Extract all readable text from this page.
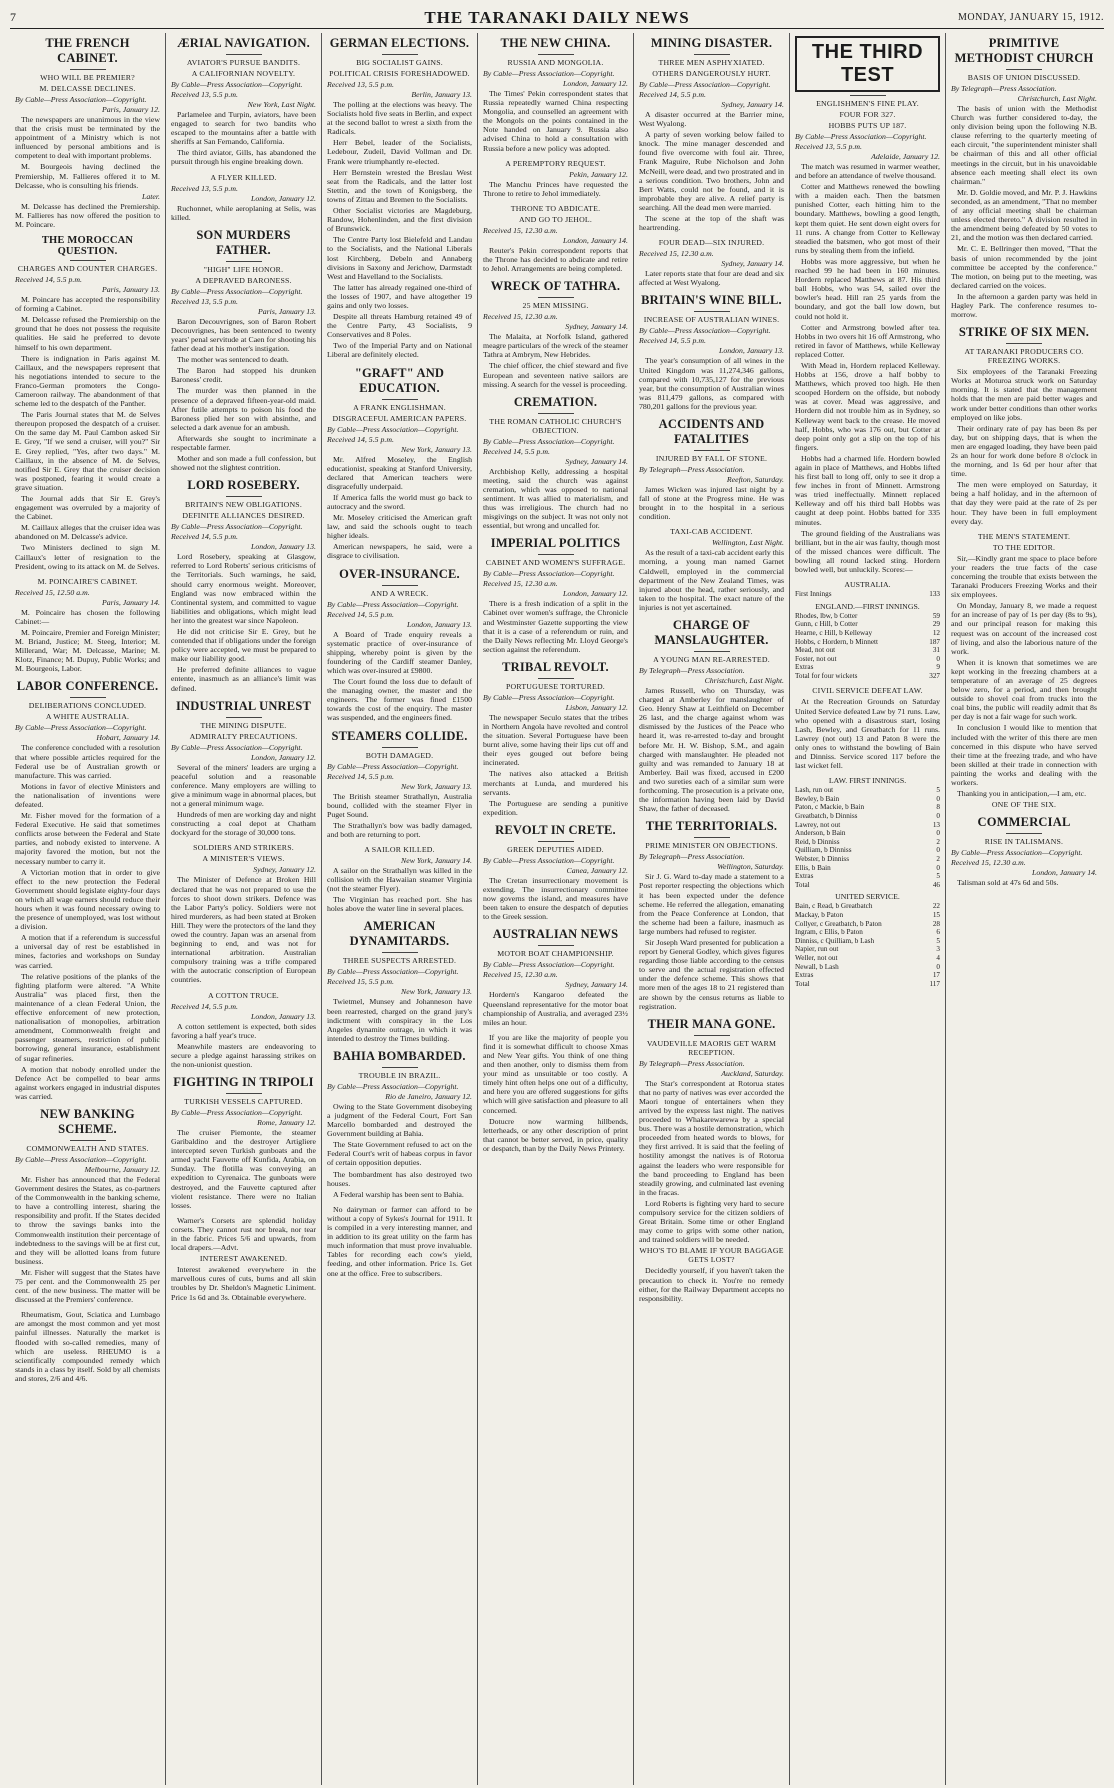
7	THE TARANAKI DAILY NEWS	MONDAY, JANUARY 15, 1912.
THE FRENCH CABINET.
WHO WILL BE PREMIER?
M. DELCASSE DECLINES.
By Cable—Press Association—Copyright.
Paris, January 12.

The newspapers are unanimous in the view that the crisis must be terminated by the appointment of a Ministry which is not influenced by personal ambitions and is competent to deal with important problems.

M. Bourgeois having declined the Premiership, M. Fallieres offered it to M. Delcasse, who is consulting his friends.

Later.

M. Delcasse has declined the Premiership. M. Fallieres has now offered the position to M. Poincare.

THE MOROCCAN QUESTION.
CHARGES AND COUNTER CHARGES.
Received 14, 5.5 p.m.
Paris, January 13.

M. Poincare has accepted the responsibility of forming a Cabinet.

M. Delcasse refused the Premiership on the ground that he does not possess the requisite qualities. He said he preferred to devote himself to his own department.

There is indignation in Paris against M. Caillaux, and the newspapers represent that his negotiations intended to secure to the Franco-German promoters the Congo-Cameroon railway. The abandonment of that scheme led to the despatch of the Panther.

The Paris Journal states that M. de Selves thereupon proposed the despatch of a cruiser. On the same day M. Paul Cambon asked Sir E. Grey, "If we send a cruiser, will you?" Sir E. Grey replied, "Yes, after two days." M. Caillaux, in the absence of M. de Selves, notified Sir E. Grey that the cruiser decision was postponed, fearing it would create a grave situation.

The Journal adds that Sir E. Grey's engagement was overruled by a majority of the Cabinet.

M. Caillaux alleges that the cruiser idea was abandoned on M. Delcasse's advice.

Two Ministers declined to sign M. Caillaux's letter of resignation to the President, owing to its attack on M. de Selves.

M. POINCAIRE'S CABINET.
Received 15, 12.50 a.m.
Paris, January 14.

M. Poincaire has chosen the following Cabinet:—

M. Poincaire, Premier and Foreign Minister; M. Briand, Justice; M. Steeg, Interior; M. Millerand, War; M. Delcasse, Marine; M. Klotz, Finance; M. Dupuy, Public Works; and M. Bourgeois, Labor.

LABOR CONFERENCE.
DELIBERATIONS CONCLUDED.
A WHITE AUSTRALIA.
By Cable—Press Association—Copyright.
Hobart, January 14.

The conference concluded with a resolution that where possible articles required for the Federal use be of Australian growth or manufacture. This was carried.

Motions in favor of elective Ministers and the nationalisation of inventions were defeated.

Mr. Fisher moved for the formation of a Federal Executive. He said that sometimes conflicts arose between the Federal and State parties, and nobody existed to intervene. A majority favored the motion, but not the necessary number to carry it.

A Victorian motion that in order to give effect to the new protection the Federal Government should legislate eighty-four days on which all wage earners should reduce their hours when it was found necessary owing to the presence of unemployed, was lost without a division.

A motion that if a referendum is successful a universal day of rest be established in mines, factories and workshops on Sunday was carried.

The relative positions of the planks of the fighting platform were altered. "A White Australia" was placed first, then the maintenance of a clean Federal Union, the effective enforcement of new protection, nationalisation of monopolies, arbitration amendment, Commonwealth freight and passenger steamers, restriction of public borrowing, general insurance, establishment of sugar refineries.

A motion that nobody enrolled under the Defence Act be compelled to bear arms against workers engaged in industrial disputes was carried.

NEW BANKING SCHEME.
COMMONWEALTH AND STATES.
By Cable—Press Association—Copyright.
Melbourne, January 12.

Mr. Fisher has announced that the Federal Government desires the States, as co-partners of the Commonwealth in the banking scheme, to have a controlling interest, sharing the responsibility and profit. If the States decided to throw the savings banks into the Commonwealth institution their percentage of indebtedness to the savings will be at first cut, and they will be allotted loans from future business.

Mr. Fisher will suggest that the States have 75 per cent. and the Commonwealth 25 per cent. of the new business. The matter will be discussed at the Premiers' conference.

Rheumatism, Gout, Sciatica and Lumbago are amongst the most common and yet most painful illnesses. Naturally the market is flooded with so-called remedies, many of which are useless. RHEUMO is a scientifically compounded remedy which stands in a class by itself. Sold by all chemists and stores, 2/6 and 4/6.

ÆRIAL NAVIGATION.
AVIATOR'S PURSUE BANDITS.
A CALIFORNIAN NOVELTY.
By Cable—Press Association—Copyright.
Received 13, 5.5 p.m.
New York, Last Night.

Parlamelee and Turpin, aviators, have been engaged to search for two bandits who escaped to the mountains after a battle with sheriffs at San Fernando, California.

The third aviator, Gills, has abandoned the pursuit through his engine breaking down.

A FLYER KILLED.
Received 13, 5.5 p.m.
London, January 12.

Ruchonnet, while aeroplaning at Selis, was killed.

SON MURDERS FATHER.
"HIGH" LIFE HONOR.
A DEPRAVED BARONESS.
By Cable—Press Association—Copyright.
Received 13, 5.5 p.m.
Paris, January 13.

Baron Decouvrignes, son of Baron Robert Decouvrignes, has been sentenced to twenty years' penal servitude at Caen for shooting his father dead at his mother's instigation.

The mother was sentenced to death.

The Baron had stopped his drunken Baroness' credit.

The murder was then planned in the presence of a depraved fifteen-year-old maid. After futile attempts to poison his food the Baroness plied her son with absinthe, and selected a dark avenue for an ambush.

Afterwards she sought to incriminate a respectable farmer.

Mother and son made a full confession, but showed not the slightest contrition.

LORD ROSEBERY.
BRITAIN'S NEW OBLIGATIONS.
DEFINITE ALLIANCES DESIRED.
By Cable—Press Association—Copyright.
Received 14, 5.5 p.m.
London, January 13.

Lord Rosebery, speaking at Glasgow, referred to Lord Roberts' serious criticisms of the Territorials. Such warnings, he said, should carry enormous weight. Moreover, England was now embraced within the Continental system, and committed to vague liabilities and obligations, which might lead her into the greatest war since Napoleon.

He did not criticise Sir E. Grey, but he contended that if obligations under the foreign policy were accepted, we must be prepared to make our liability good.

He preferred definite alliances to vague entente, inasmuch as an alliance's limit was defined.

INDUSTRIAL UNREST
THE MINING DISPUTE.
ADMIRALTY PRECAUTIONS.
By Cable—Press Association—Copyright.
London, January 12.

Several of the miners' leaders are urging a peaceful solution and a reasonable conference. Many employers are willing to give a minimum wage in abnormal places, but not a general minimum wage.

Hundreds of men are working day and night constructing a coal depot at Chatham dockyard for the storage of 30,000 tons.

SOLDIERS AND STRIKERS.
A MINISTER'S VIEWS.
Sydney, January 12.

The Minister of Defence at Broken Hill declared that he was not prepared to use the forces to shoot down strikers. Defence was the Labor Party's policy. Soldiers were not hired murderers, as had been stated at Broken Hill. They were the protectors of the land they owed the country. Japan was an arsenal from beginning to end, and was not for international arbitration. Australian compulsory training was a trifle compared with the autocratic conscription of European countries.

A COTTON TRUCE.
Received 14, 5.5 p.m.
London, January 13.

A cotton settlement is expected, both sides favoring a half year's truce.

Meanwhile masters are endeavoring to secure a pledge against harassing strikes on the non-unionist question.

FIGHTING IN TRIPOLI
TURKISH VESSELS CAPTURED.
By Cable—Press Association—Copyright.
Rome, January 12.

The cruiser Piemonte, the steamer Garibaldino and the destroyer Artigliere intercepted seven Turkish gunboats and the armed yacht Fauvette off Kunfida, Arabia, on Sunday. The flotilla was conveying an expedition to Cyrenaica. The gunboats were destroyed, and the Fauvette captured after violent resistance. There were no Italian losses.

Warner's Corsets are splendid holiday corsets. They cannot rust nor break, nor tear in the fabric. Prices 5/6 and upwards, from local drapers.—Advt.

INTEREST AWAKENED.

Interest awakened everywhere in the marvellous cures of cuts, burns and all skin troubles by Dr. Sheldon's Magnetic Liniment. Price 1s 6d and 3s. Obtainable everywhere.

GERMAN ELECTIONS.
BIG SOCIALIST GAINS.
POLITICAL CRISIS FORESHADOWED.
Received 13, 5.5 p.m.
Berlin, January 13.

The polling at the elections was heavy. The Socialists hold five seats in Berlin, and expect at the second ballot to wrest a sixth from the Radicals.

Herr Bebel, leader of the Socialists, Ledebour, Zudeil, David Vollman and Dr. Frank were triumphantly re-elected.

Herr Bernstein wrested the Breslau West seat from the Radicals, and the latter lost Stettin, and the town of Konigsberg, the towns of Zittau and Bremen to the Socialists.

Other Socialist victories are Magdeburg, Randow, Hohenlinden, and the first division of Brunswick.

The Centre Party lost Bielefeld and Landau to the Socialists, and the National Liberals lost Kirchberg, Debeln and Annaberg divisions in Saxony and Jerichow, Darmstadt West and Havelland to the Socialists.

The latter has already regained one-third of the losses of 1907, and have altogether 19 gains and only two losses.

Despite all threats Hamburg retained 49 of the Centre Party, 43 Socialists, 9 Conservatives and 8 Poles.

Two of the Imperial Party and on National Liberal are definitely elected.

"GRAFT" AND EDUCATION.
A FRANK ENGLISHMAN.
DISGRACEFUL AMERICAN PAPERS.
By Cable—Press Association—Copyright.
Received 14, 5.5 p.m.
New York, January 13.

Mr. Alfred Moseley, the English educationist, speaking at Stanford University, declared that American teachers were disgracefully underpaid.

If America falls the world must go back to autocracy and the sword.

Mr. Moseley criticised the American graft law, and said the schools ought to teach higher ideals.

American newspapers, he said, were a disgrace to civilisation.

OVER-INSURANCE.
AND A WRECK.
By Cable—Press Association—Copyright.
Received 14, 5.5 p.m.
London, January 13.

A Board of Trade enquiry reveals a systematic practice of over-insurance of shipping, whereby point is given by the foundering of the Cardiff steamer Danley, which was over-insured at £9800.

The Court found the loss due to default of the managing owner, the master and the engineers. The former was fined £1500 towards the cost of the enquiry. The master was suspended, and the engineers fined.

STEAMERS COLLIDE.
BOTH DAMAGED.
By Cable—Press Association—Copyright.
Received 14, 5.5 p.m.
New York, January 13.

The British steamer Strathallyn, Australia bound, collided with the steamer Flyer in Puget Sound.

The Strathallyn's bow was badly damaged, and both are returning to port.

A SAILOR KILLED.
New York, January 14.

A sailor on the Strathallyn was killed in the collision with the Hawaiian steamer Virginia (not the steamer Flyer).

The Virginian has reached port. She has holes above the water line in several places.

AMERICAN DYNAMITARDS.
THREE SUSPECTS ARRESTED.
By Cable—Press Association—Copyright.
Received 15, 5.5 p.m.
New York, January 13.

Twietmel, Munsey and Johanneson have been rearrested, charged on the grand jury's indictment with conspiracy in the Los Angeles dynamite outrage, in which it was intended to destroy the Times building.

BAHIA BOMBARDED.
TROUBLE IN BRAZIL.
By Cable—Press Association—Copyright.
Rio de Janeiro, January 12.

Owing to the State Government disobeying a judgment of the Federal Court, Fort San Marcello bombarded and destroyed the Government building at Bahia.

The State Government refused to act on the Federal Court's writ of habeas corpus in favor of certain opposition deputies.

The bombardment has also destroyed two houses.

A Federal warship has been sent to Bahia.

No dairyman or farmer can afford to be without a copy of Sykes's Journal for 1911. It is compiled in a very interesting manner, and in addition to its great utility on the farm has much information that must prove invaluable. Tables for recording each cow's yield, feeding, and other information. Price 1s. Get one at the office. Free to subscribers.

THE NEW CHINA.
RUSSIA AND MONGOLIA.
By Cable—Press Association—Copyright.
London, January 12.

The Times' Pekin correspondent states that Russia repeatedly warned China respecting Mongolia, and counselled an agreement with the Mongols on the points contained in the Note handed on January 9. Russia also advised China to hold a consultation with Russia before a new policy was adopted.

A PEREMPTORY REQUEST.
Pekin, January 12.

The Manchu Princes have requested the Throne to retire to Jehol immediately.

THRONE TO ABDICATE.
AND GO TO JEHOL.
Received 15, 12.30 a.m.
London, January 14.

Reuter's Pekin correspondent reports that the Throne has decided to abdicate and retire to Jehol. Arrangements are being completed.

WRECK OF TATHRA.
25 MEN MISSING.
Received 15, 12.30 a.m.
Sydney, January 14.

The Malaita, at Norfolk Island, gathered meagre particulars of the wreck of the steamer Tathra at Ambrym, New Hebrides.

The chief officer, the chief steward and five European and seventeen native sailors are missing. A search for the vessel is proceeding.

CREMATION.
THE ROMAN CATHOLIC CHURCH'S OBJECTION.
By Cable—Press Association—Copyright.
Received 14, 5.5 p.m.
Sydney, January 14.

Archbishop Kelly, addressing a hospital meeting, said the church was against cremation, which was opposed to national sentiment. It was allied to materialism, and thus was irreligious. The church had no misgivings on the subject. It was not only not essential, but wrong and uncalled for.

IMPERIAL POLITICS
CABINET AND WOMEN'S SUFFRAGE.
By Cable—Press Association—Copyright.
Received 15, 12.30 a.m.
London, January 12.

There is a fresh indication of a split in the Cabinet over women's suffrage, the Chronicle and Westminster Gazette supporting the view that it is a case of a referendum or ruin, and the Daily News reflecting Mr. Lloyd George's section against the referendum.

TRIBAL REVOLT.
PORTUGUESE TORTURED.
By Cable—Press Association—Copyright.
Lisbon, January 12.

The newspaper Seculo states that the tribes in Northern Angola have revolted and control the situation. Several Portuguese have been burnt alive, some having their lips cut off and their eyes gouged out before being incinerated.

The natives also attacked a British merchants at Lunda, and murdered his servants.

The Portuguese are sending a punitive expedition.

REVOLT IN CRETE.
GREEK DEPUTIES AIDED.
By Cable—Press Association—Copyright.
Canea, January 12.

The Cretan insurrectionary movement is extending. The insurrectionary committee now governs the island, and measures have been taken to ensure the despatch of deputies to the Greek session.

AUSTRALIAN NEWS
MOTOR BOAT CHAMPIONSHIP.
By Cable—Press Association—Copyright.
Received 15, 12.30 a.m.
Sydney, January 14.

Hordern's Kangaroo defeated the Queensland representative for the motor boat championship of Australia, and averaged 23½ miles an hour.

If you are like the majority of people you find it is somewhat difficult to choose Xmas and New Year gifts. You think of one thing and then another, only to dismiss them from your mind as unsuitable or too costly. A timely hint often helps one out of a difficulty, and here you are offered suggestions for gifts which will give satisfaction and pleasure to all concerned.

Dotucre now warming hillbends, letterheads, or any other description of print that cannot be better served, in price, quality or despatch, than by the Daily News Printery.

MINING DISASTER.
THREE MEN ASPHYXIATED.
OTHERS DANGEROUSLY HURT.
By Cable—Press Association—Copyright.
Received 14, 5.5 p.m.
Sydney, January 14.

A disaster occurred at the Barrier mine, West Wyalong.

A party of seven working below failed to knock. The mine manager descended and found five overcome with foul air. Three, Frank Maguire, Rube Nicholson and John McNeill, were dead, and two prostrated and in a serious condition. Two brothers, John and Bert Watts, could not be found, and it is improbable they are alive. A relief party is searching. All the dead men were married.

The scene at the top of the shaft was heartrending.

FOUR DEAD—SIX INJURED.
Received 15, 12.30 a.m.
Sydney, January 14.

Later reports state that four are dead and six affected at West Wyalong.

BRITAIN'S WINE BILL.
INCREASE OF AUSTRALIAN WINES.
By Cable—Press Association—Copyright.
Received 14, 5.5 p.m.
London, January 13.

The year's consumption of all wines in the United Kingdom was 11,274,346 gallons, compared with 10,735,127 for the previous year, but the consumption of Australian wines was 811,479 gallons, as compared with 780,201 gallons for the previous year.

ACCIDENTS AND FATALITIES
INJURED BY FALL OF STONE.
By Telegraph—Press Association.
Reefton, Saturday.

James Wicken was injured last night by a fall of stone at the Progress mine. He was brought in to the hospital in a serious condition.

TAXI-CAB ACCIDENT.
Wellington, Last Night.

As the result of a taxi-cab accident early this morning, a young man named Garnet Caldwell, employed in the commercial department of the New Zealand Times, was injured about the head, rather seriously, and taken to the hospital. The exact nature of the injuries is not yet ascertained.

CHARGE OF MANSLAUGHTER.
A YOUNG MAN RE-ARRESTED.
By Telegraph—Press Association.
Christchurch, Last Night.

James Russell, who on Thursday, was charged at Amberley for manslaughter of Geo. Henry Shaw at Leithfield on December 26 last, and the charge against whom was dismissed by the Justices of the Peace who heard it, was re-arrested to-day and brought before Mr. H. W. Bishop, S.M., and again charged with manslaughter. He pleaded not guilty and was remanded to January 18 at Amberley. Bail was fixed, accused in £200 and two sureties each of a similar sum were forthcoming. The prosecution is a private one, the information having been laid by David Shaw, the father of deceased.

THE TERRITORIALS.
PRIME MINISTER ON OBJECTIONS.
By Telegraph—Press Association.
Wellington, Saturday.

Sir J. G. Ward to-day made a statement to a Post reporter respecting the objections which it has been expected under the defence scheme. He referred the allegation, emanating from the Peace Conference at London, that the scheme had been a failure, inasmuch as large numbers had refused to register.

Sir Joseph Ward presented for publication a report by General Godley, which gives figures regarding those liable according to the census to serve and the actual registration effected under the defence scheme. This shows that more men of the ages 18 to 21 registered than are shown by the census returns as liable to registration.

THEIR MANA GONE.
VAUDEVILLE MAORIS GET WARM RECEPTION.
By Telegraph—Press Association.
Auckland, Saturday.

The Star's correspondent at Rotorua states that no party of natives was ever accorded the Maori tongue of entertainers when they arrived by the express last night. The natives proceeded to Whakarewarewa by a special bus. There was a hostile demonstration, which proceeded from heated words to blows, for they first arrived. It is said that the feeling of hostility amongst the natives is of Rotorua against the leaders who were responsible for the band proceeding to England has been steadily growing, and culminated last evening in the fracas.

Lord Roberts is fighting very hard to secure compulsory service for the citizen soldiers of Great Britain. Some time or other England may come to grips with some other nation, and trained soldiers will be needed.

WHO'S TO BLAME IF YOUR BAGGAGE GETS LOST?

Decidedly yourself, if you haven't taken the precaution to check it. You're no remedy either, for the Railway Department accepts no responsibility.

THE THIRD TEST
ENGLISHMEN'S FINE PLAY.
FOUR FOR 327.
HOBBS PUTS UP 187.
By Cable—Press Association—Copyright.
Received 13, 5.5 p.m.
Adelaide, January 12.

The match was resumed in warmer weather, and before an attendance of twelve thousand.

Cotter and Matthews renewed the bowling with a maiden each. Then the batsmen punished Cotter, each hitting him to the boundary. Matthews, bowling a good length, kept them quiet. He sent down eight overs for 11 runs. A change from Cotter to Kelleway steadied the batsmen, who got most of their runs by stealing them from the infield.

Hobbs was more aggressive, but when he reached 99 he had been in 160 minutes. Hordern replaced Matthews at 87. His third ball Hobbs, who was 54, sailed over the bowler's head. Hill ran 25 yards from the boundary, and got the ball low down, but could not hold it.

Cotter and Armstrong bowled after tea. Hobbs in two overs hit 16 off Armstrong, who retired in favor of Matthews, while Kelleway replaced Cotter.

With Mead in, Hordern replaced Kelleway. Hobbs at 156, drove a half bobby to Matthews, which proved too high. He then scooped Hordern on the offside, but nobody was at cover. Mead was aggressive, and Hordern did not trouble him as in Sydney, so Kelleway went back to the crease. He moved half, Hobbs, who was 176 out, but Cotter at deep point only got a slip on the top of his fingers.

Hobbs had a charmed life. Hordern bowled again in place of Matthews, and Hobbs lifted his first ball to long off, only to see it drop a few inches in front of Minnett. Armstrong was tried ineffectually. Minnett replaced Kelleway and off his third ball Hobbs was caught at deep point. Hobbs batted for 335 minutes.

The ground fielding of the Australians was brilliant, but in the air was faulty, though most of the missed chances were difficult. The bowling all round lacked sting. Hordern bowled well, but unluckily. Scores:—

AUSTRALIA.
First Innings	133
ENGLAND.—FIRST INNINGS.
Rhodes, lbw, b Cotter	59
Gunn, c Hill, b Cotter	29
Hearne, c Hill, b Kelleway	12
Hobbs, c Hordern, b Minnett	187
Mead, not out	31
Foster, not out	0
Extras	9
Total for four wickets	327
CIVIL SERVICE DEFEAT LAW.

At the Recreation Grounds on Saturday United Service defeated Law by 71 runs. Law, who opened with a disastrous start, losing Lash, Bewley, and Greatbatch for 11 runs. Lawrey (not out) 13 and Paton 8 were the only ones to withstand the bowling of Bain and Dinniss. Service scored 117 before the last wicket fell.

LAW. FIRST INNINGS.
Lash, run out	5
Bewley, b Bain	0
Paton, c Mackie, b Bain	8
Greatbatch, b Dinniss	0
Lawrey, not out	13
Anderson, b Bain	0
Reid, b Dinniss	2
Quilliam, b Dinniss	0
Webster, b Dinniss	2
Ellis, b Bain	0
Extras	5
Total	46
UNITED SERVICE.
Bain, c Read, b Greatbatch	22
Mackay, b Paton	15
Collyer, c Greatbatch, b Paton	28
Ingram, c Ellis, b Paton	6
Dinniss, c Quilliam, b Lash	5
Napier, run out	3
Weller, not out	4
Newall, b Lash	0
Extras	17
Total	117
PRIMITIVE METHODIST CHURCH
BASIS OF UNION DISCUSSED.
By Telegraph—Press Association.
Christchurch, Last Night.

The basis of union with the Methodist Church was further considered to-day, the only division being upon the following N.B. clause referring to the quarterly meeting of each circuit, "the superintendent minister shall be chairman of this and all other official meetings in the circuit, but in his unavoidable absence each meeting shall elect its own chairman."

Mr. D. Goldie moved, and Mr. P. J. Hawkins seconded, as an amendment, "That no member of any official meeting shall be chairman unless elected thereto." A division resulted in the amendment being defeated by 50 votes to 21, and the motion was then declared carried.

Mr. C. E. Bellringer then moved, "That the basis of union recommended by the joint committee be accepted by the conference." The motion, on being put to the meeting, was declared carried on the voices.

In the afternoon a garden party was held in Hagley Park. The conference resumes to-morrow.

STRIKE OF SIX MEN.
AT TARANAKI PRODUCERS CO. FREEZING WORKS.

Six employees of the Taranaki Freezing Works at Moturoa struck work on Saturday morning. It is stated that the management holds that the men are paid better wages and work under better conditions than other works employed on like jobs.

Their ordinary rate of pay has been 8s per day, but on shipping days, that is when the men are engaged loading, they have been paid 2s an hour for work done before 8 o'clock in the morning, and 1s 6d per hour after that time.

The men were employed on Saturday, it being a half holiday, and in the afternoon of that day they were paid at the rate of 2s per hour. They have been in full employment every day.

THE MEN'S STATEMENT.
TO THE EDITOR.

Sir,—Kindly grant me space to place before your readers the true facts of the case concerning the trouble that exists between the Taranaki Producers Freezing Works and their six employees.

On Monday, January 8, we made a request for an increase of pay of 1s per day (8s to 9s), and our principal reason for making this request was on account of the increased cost of living, and also the laborious nature of the work.

When it is known that sometimes we are kept working in the freezing chambers at a temperature of an average of 25 degrees below zero, for a period, and then brought outside to shovel coal from trucks into the coal bins, the public will readily admit that 8s per day is not a fair wage for such work.

In conclusion I would like to mention that included with the writer of this there are men concerned in this dispute who have served their time at the freezing trade, and who have been skilled at their trade in connection with painting the works and dealing with the workers.

Thanking you in anticipation,—I am, etc.

ONE OF THE SIX.
COMMERCIAL
RISE IN TALISMANS.
By Cable—Press Association—Copyright.
Received 15, 12.30 a.m.
London, January 14.

Talisman sold at 47s 6d and 50s.
